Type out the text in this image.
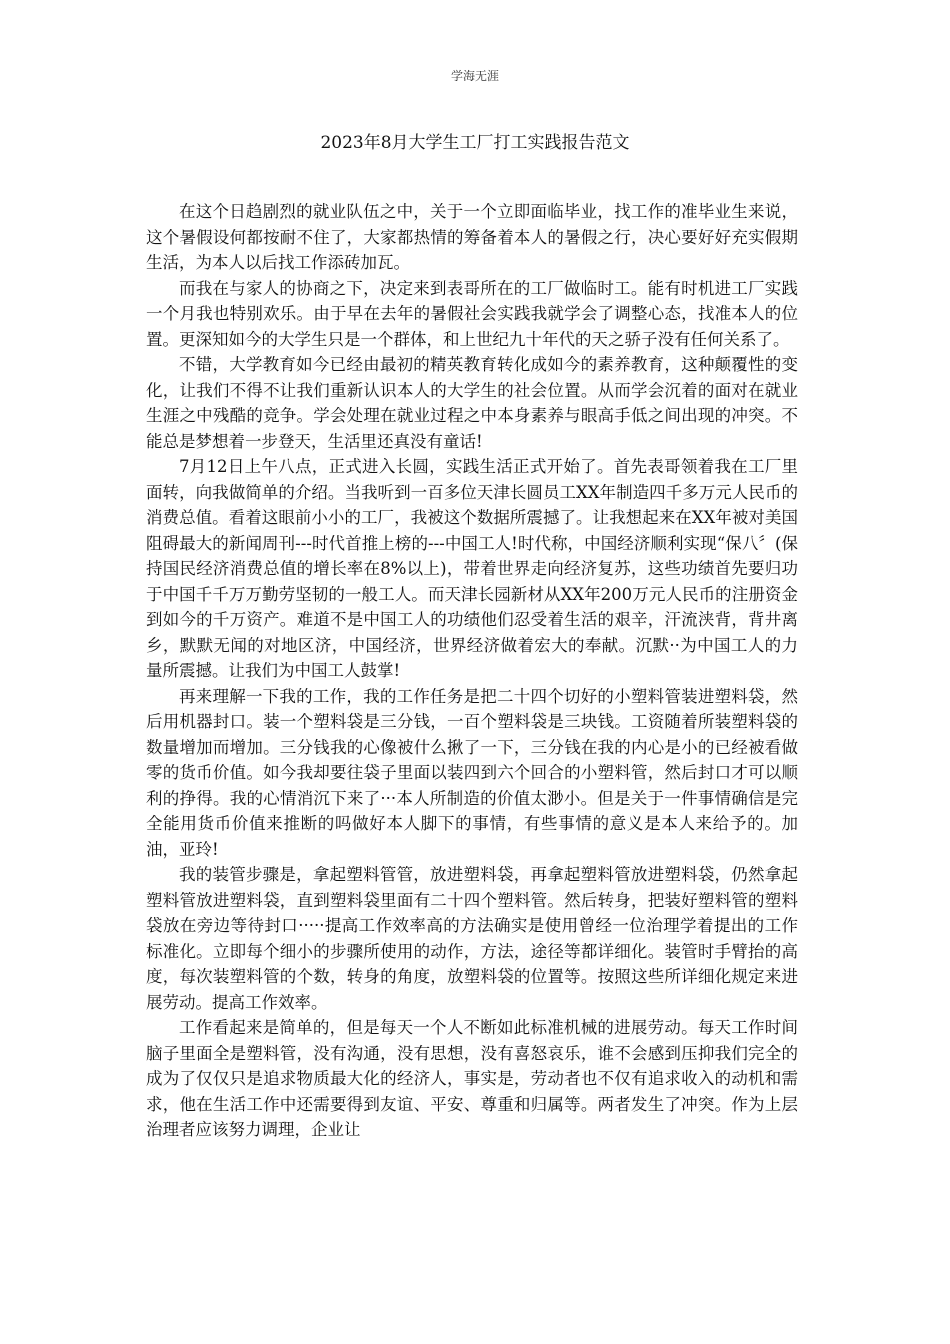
学海无涯
2023年8月大学生工厂打工实践报告范文

在这个日趋剧烈的就业队伍之中，关于一个立即面临毕业，找工作的准毕业生来说，这个暑假设何都按耐不住了，大家都热情的筹备着本人的暑假之行，决心要好好充实假期生活，为本人以后找工作添砖加瓦。

而我在与家人的协商之下，决定来到表哥所在的工厂做临时工。能有时机进工厂实践一个月我也特别欢乐。由于早在去年的暑假社会实践我就学会了调整心态，找准本人的位置。更深知如今的大学生只是一个群体，和上世纪九十年代的天之骄子没有任何关系了。

不错，大学教育如今已经由最初的精英教育转化成如今的素养教育，这种颠覆性的变化，让我们不得不让我们重新认识本人的大学生的社会位置。从而学会沉着的面对在就业生涯之中残酷的竞争。学会处理在就业过程之中本身素养与眼高手低之间出现的冲突。不能总是梦想着一步登天，生活里还真没有童话!

7月12日上午八点，正式进入长圆，实践生活正式开始了。首先表哥领着我在工厂里面转，向我做简单的介绍。当我听到一百多位天津长圆员工XX年制造四千多万元人民币的消费总值。看着这眼前小小的工厂，我被这个数据所震撼了。让我想起来在XX年被对美国阻碍最大的新闻周刊---时代首推上榜的---中国工人!时代称，中国经济顺利实现“保八〞(保持国民经济消费总值的增长率在8%以上)，带着世界走向经济复苏，这些功绩首先要归功于中国千千万万勤劳坚韧的一般工人。而天津长园新材从XX年200万元人民币的注册资金到如今的千万资产。难道不是中国工人的功绩他们忍受着生活的艰辛，汗流浃背，背井离乡，默默无闻的对地区济，中国经济，世界经济做着宏大的奉献。沉默··为中国工人的力量所震撼。让我们为中国工人鼓掌!

再来理解一下我的工作，我的工作任务是把二十四个切好的小塑料管装进塑料袋，然后用机器封口。装一个塑料袋是三分钱，一百个塑料袋是三块钱。工资随着所装塑料袋的数量增加而增加。三分钱我的心像被什么揪了一下，三分钱在我的内心是小的已经被看做零的货币价值。如今我却要往袋子里面以装四到六个回合的小塑料管，然后封口才可以顺利的挣得。我的心情消沉下来了···本人所制造的价值太渺小。但是关于一件事情确信是完全能用货币价值来推断的吗做好本人脚下的事情，有些事情的意义是本人来给予的。加油，亚玲!

我的装管步骤是，拿起塑料管管，放进塑料袋，再拿起塑料管放进塑料袋，仍然拿起塑料管放进塑料袋，直到塑料袋里面有二十四个塑料管。然后转身，把装好塑料管的塑料袋放在旁边等待封口·····提高工作效率高的方法确实是使用曾经一位治理学着提出的工作标准化。立即每个细小的步骤所使用的动作，方法，途径等都详细化。装管时手臂抬的高度，每次装塑料管的个数，转身的角度，放塑料袋的位置等。按照这些所详细化规定来进展劳动。提高工作效率。

工作看起来是简单的，但是每天一个人不断如此标准机械的进展劳动。每天工作时间脑子里面全是塑料管，没有沟通，没有思想，没有喜怒哀乐，谁不会感到压抑我们完全的成为了仅仅只是追求物质最大化的经济人，事实是，劳动者也不仅有追求收入的动机和需求，他在生活工作中还需要得到友谊、平安、尊重和归属等。两者发生了冲突。作为上层治理者应该努力调理，企业让
